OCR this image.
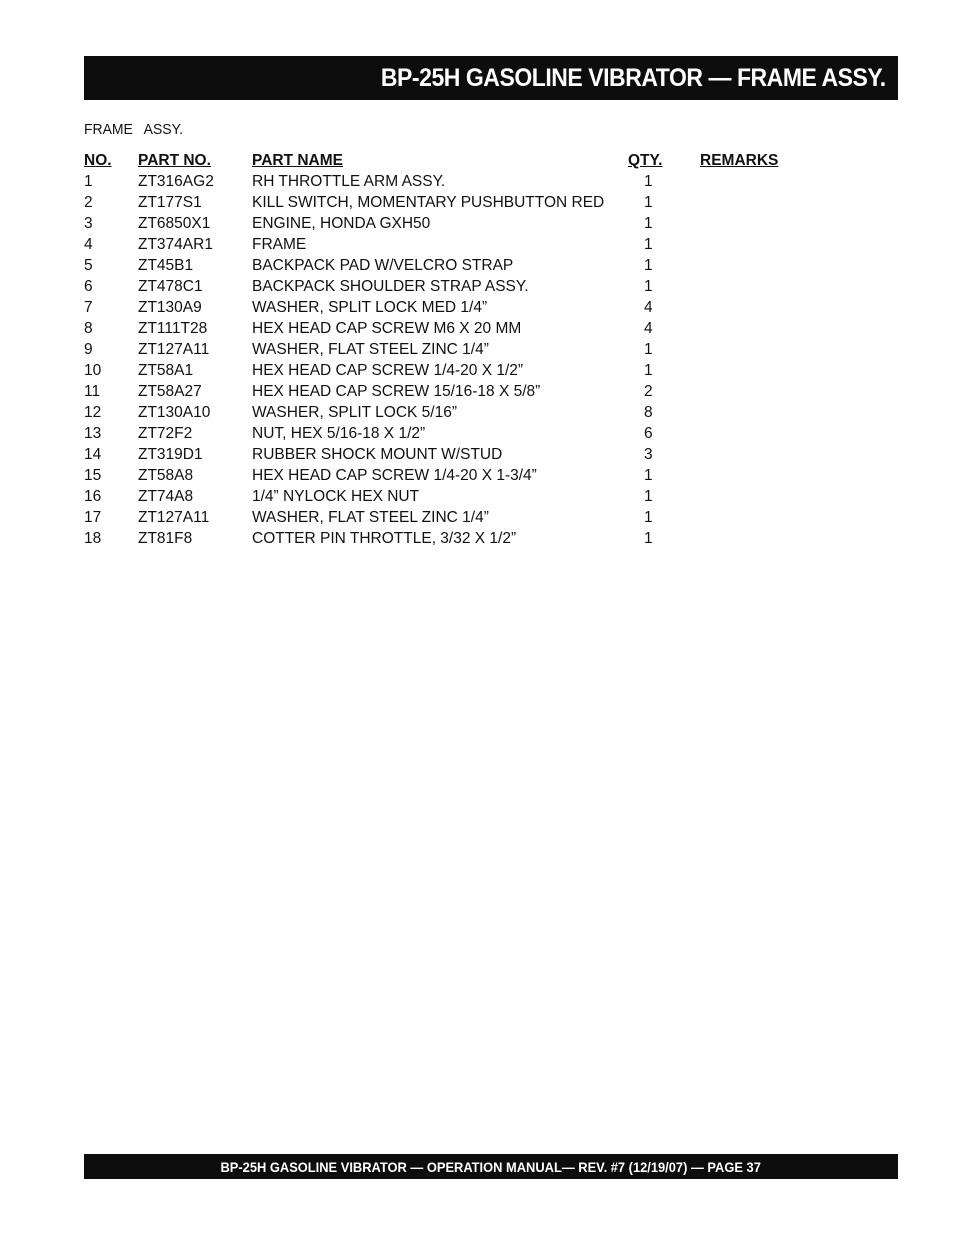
BP-25H GASOLINE VIBRATOR — FRAME ASSY.
FRAME   ASSY.
NO.	PART NO.	PART NAME	QTY.	REMARKS
1	ZT316AG2	RH THROTTLE ARM ASSY.	1	
2	ZT177S1	KILL SWITCH, MOMENTARY PUSHBUTTON RED	1	
3	ZT6850X1	ENGINE, HONDA GXH50	1	
4	ZT374AR1	FRAME	1	
5	ZT45B1	BACKPACK PAD W/VELCRO STRAP	1	
6	ZT478C1	BACKPACK SHOULDER STRAP ASSY.	1	
7	ZT130A9	WASHER, SPLIT LOCK MED 1/4”	4	
8	ZT111T28	HEX HEAD CAP SCREW M6 X 20 MM	4	
9	ZT127A11	WASHER, FLAT STEEL ZINC 1/4”	1	
10	ZT58A1	HEX HEAD CAP SCREW 1/4-20 X 1/2”	1	
11	ZT58A27	HEX HEAD CAP SCREW 15/16-18 X 5/8”	2	
12	ZT130A10	WASHER, SPLIT LOCK 5/16”	8	
13	ZT72F2	NUT, HEX 5/16-18 X 1/2”	6	
14	ZT319D1	RUBBER SHOCK MOUNT W/STUD	3	
15	ZT58A8	HEX HEAD CAP SCREW 1/4-20 X 1-3/4”	1	
16	ZT74A8	1/4” NYLOCK HEX NUT	1	
17	ZT127A11	WASHER, FLAT STEEL ZINC 1/4”	1	
18	ZT81F8	COTTER PIN THROTTLE, 3/32 X 1/2”	1	
BP-25H GASOLINE VIBRATOR — OPERATION MANUAL— REV. #7 (12/19/07) — PAGE 37
